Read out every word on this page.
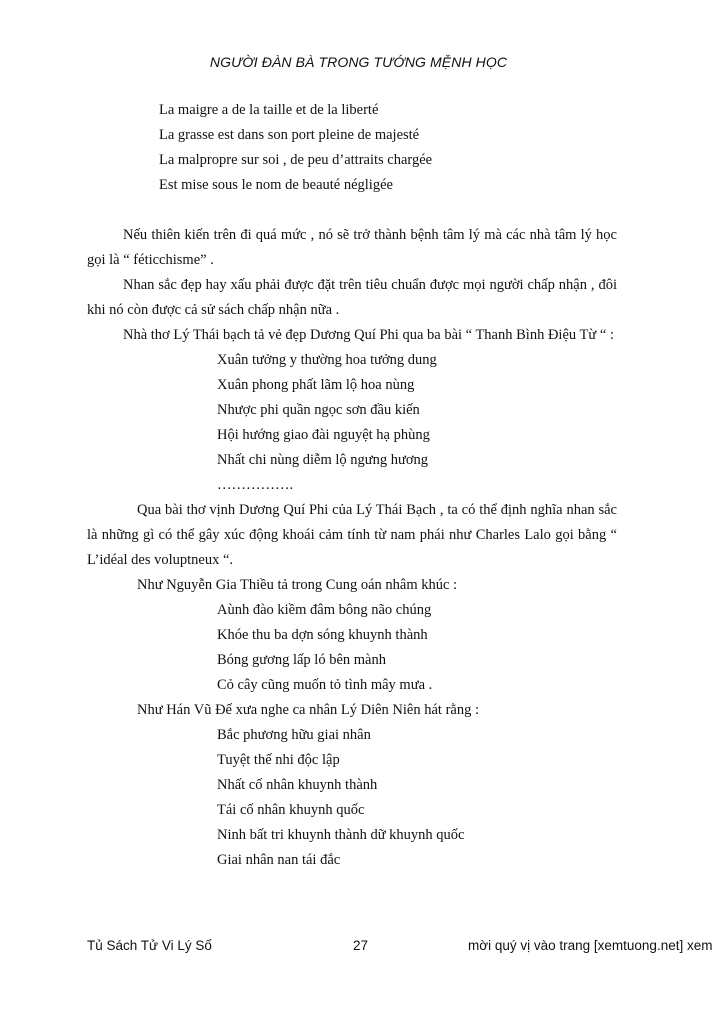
NGƯỜI ĐÀN BÀ TRONG TƯỚNG MỆNH HỌC
La maigre a de la taille et de la liberté
La grasse est dans son port pleine de majesté
La malpropre sur soi , de peu d’attraits chargée
Est mise sous le nom de beauté négligée
Nếu thiên kiến trên đi quá mức , nó sẽ trở thành bệnh tâm lý mà các nhà tâm lý học gọi là “ féticchisme” .
Nhan sắc đẹp hay xấu phải được đặt trên tiêu chuẩn được mọi người chấp nhận , đôi khi nó còn được cả sử sách chấp nhận nữa .
Nhà thơ Lý Thái bạch tả vẻ đẹp Dương Quí Phi qua ba bài “ Thanh Bình Điệu Từ “ :
Xuân tưởng y thường hoa tưởng dung
Xuân phong phất lãm lộ hoa nùng
Nhược phi quần ngọc sơn đầu kiến
Hội hướng giao đài nguyệt hạ phùng
Nhất chi nùng diễm lộ ngưng hương
…………….
Qua bài thơ vịnh Dương Quí Phi của Lý Thái Bạch , ta có thể định nghĩa nhan sắc là những gì có thể gây xúc động khoái cảm tính từ nam phái như Charles Lalo gọi bằng “ L’idéal des voluptneux “.
Như Nguyễn Gia Thiều tả trong Cung oán nhâm khúc :
Aùnh đào kiềm đâm bông não chúng
Khóe thu ba dợn sóng khuynh thành
Bóng gương lấp ló bên mành
Cỏ cây cũng muốn tỏ tình mây mưa .
Như Hán Vũ Đế xưa nghe ca nhân Lý Diên Niên hát rằng :
Bắc phương hữu giai nhân
Tuyệt thế nhi độc lập
Nhất cố nhân khuynh thành
Tái cố nhân khuynh quốc
Ninh bất tri khuynh thành dữ khuynh quốc
Giai nhân nan tái đắc
Tủ Sách Tử Vi Lý Số	27	mời quý vị vào trang [xemtuong.net] xem
